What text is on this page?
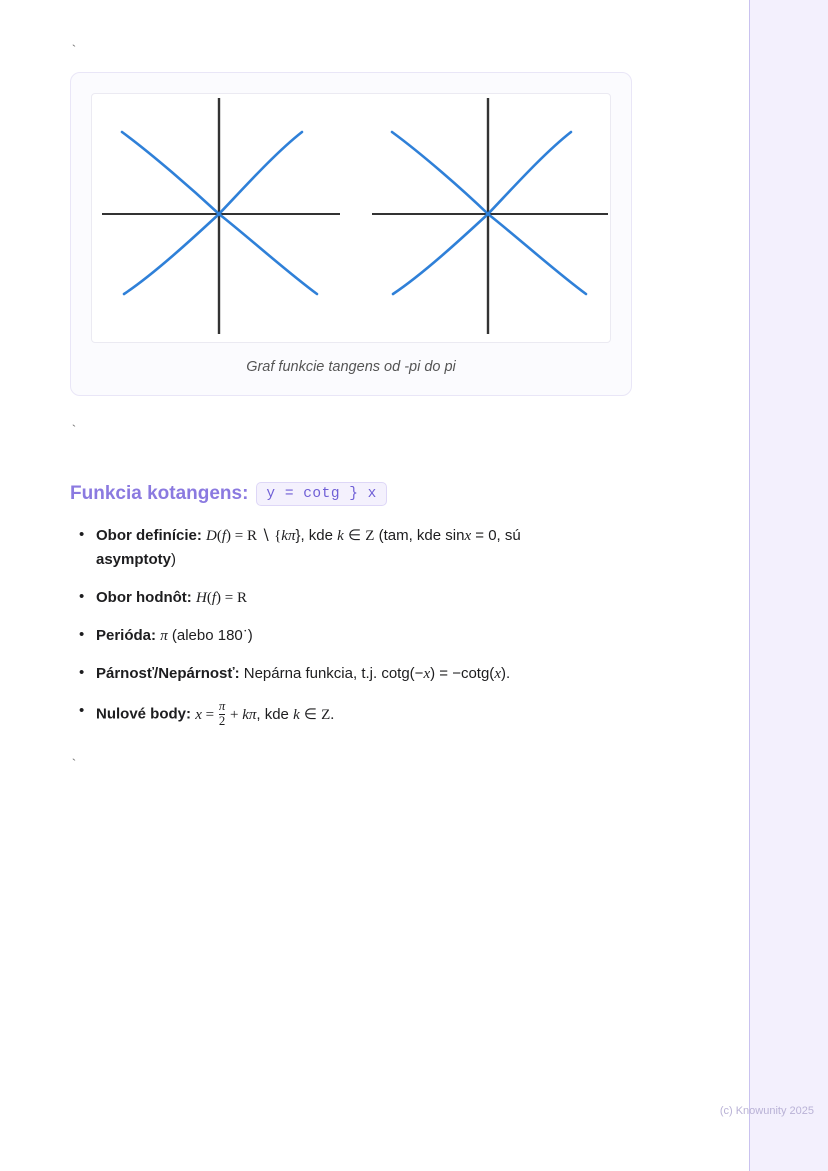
`
Graf funkcie tangens od -pi do pi
`
Funkcia kotangens:	y = cotg } x
• Obor definície: D(f) = R ∖ {kπ}, kde k ∈ Z (tam, kde sinx = 0, sú asymptoty)
• Obor hodnôt: H(f) = R
• Perióda: π (alebo 180˙)
• Párnosť/Nepárnosť: Nepárna funkcia, t.j. cotg(−x) = −cotg(x).
• Nulové body: $x = \frac{\pi}{2} + k\pi$, kde k ∈ Z.
`
(c) Knowunity 2025
